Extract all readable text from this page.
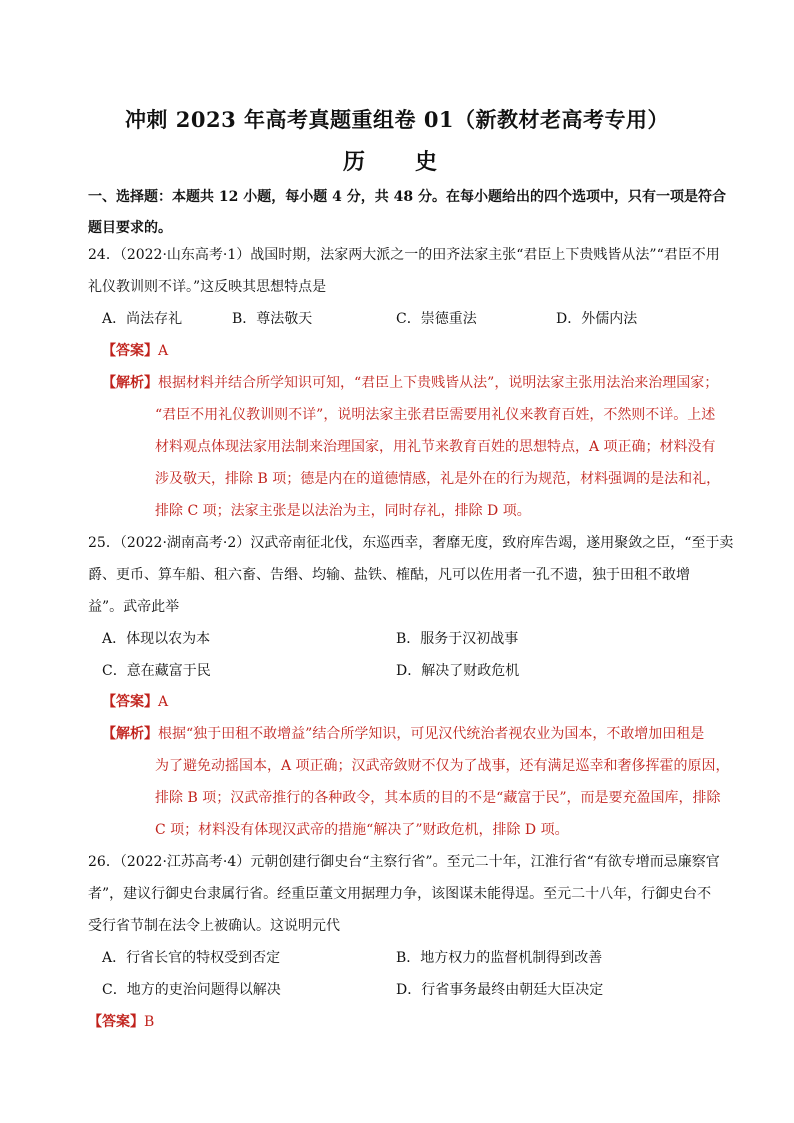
冲刺 2023 年高考真题重组卷 01（新教材老高考专用）
历　史
一、选择题：本题共 12 小题，每小题 4 分，共 48 分。在每小题给出的四个选项中，只有一项是符合题目要求的。
24．（2022·山东高考·1）战国时期，法家两大派之一的田齐法家主张“君臣上下贵贱皆从法”“君臣不用
礼仪教训则不详。”这反映其思想特点是
A．尚法存礼	B．尊法敬天	C．崇德重法	D．外儒内法
【答案】A
【解析】根据材料并结合所学知识可知，“君臣上下贵贱皆从法”，说明法家主张用法治来治理国家；
“君臣不用礼仪教训则不详”，说明法家主张君臣需要用礼仪来教育百姓，不然则不详。上述
材料观点体现法家用法制来治理国家，用礼节来教育百姓的思想特点，A 项正确；材料没有
涉及敬天，排除 B 项；德是内在的道德情感，礼是外在的行为规范，材料强调的是法和礼，
排除 C 项；法家主张是以法治为主，同时存礼，排除 D 项。
25．（2022·湖南高考·2）汉武帝南征北伐，东巡西幸，奢靡无度，致府库告竭，遂用聚敛之臣，“至于卖
爵、更币、算车船、租六畜、告缗、均输、盐铁、榷酤，凡可以佐用者一孔不遗，独于田租不敢增
益”。武帝此举
A．体现以农为本	B．服务于汉初战事
C．意在藏富于民	D．解决了财政危机
【答案】A
【解析】根据“独于田租不敢增益”结合所学知识，可见汉代统治者视农业为国本，不敢增加田租是
为了避免动摇国本，A 项正确；汉武帝敛财不仅为了战事，还有满足巡幸和奢侈挥霍的原因，
排除 B 项；汉武帝推行的各种政令，其本质的目的不是“藏富于民”，而是要充盈国库，排除
C 项；材料没有体现汉武帝的措施“解决了”财政危机，排除 D 项。
26．（2022·江苏高考·4）元朝创建行御史台“主察行省”。至元二十年，江淮行省“有欲专增而忌廉察官
者”，建议行御史台隶属行省。经重臣董文用据理力争，该图谋未能得逞。至元二十八年，行御史台不
受行省节制在法令上被确认。这说明元代
A．行省长官的特权受到否定	B．地方权力的监督机制得到改善
C．地方的吏治问题得以解决	D．行省事务最终由朝廷大臣决定
【答案】B
